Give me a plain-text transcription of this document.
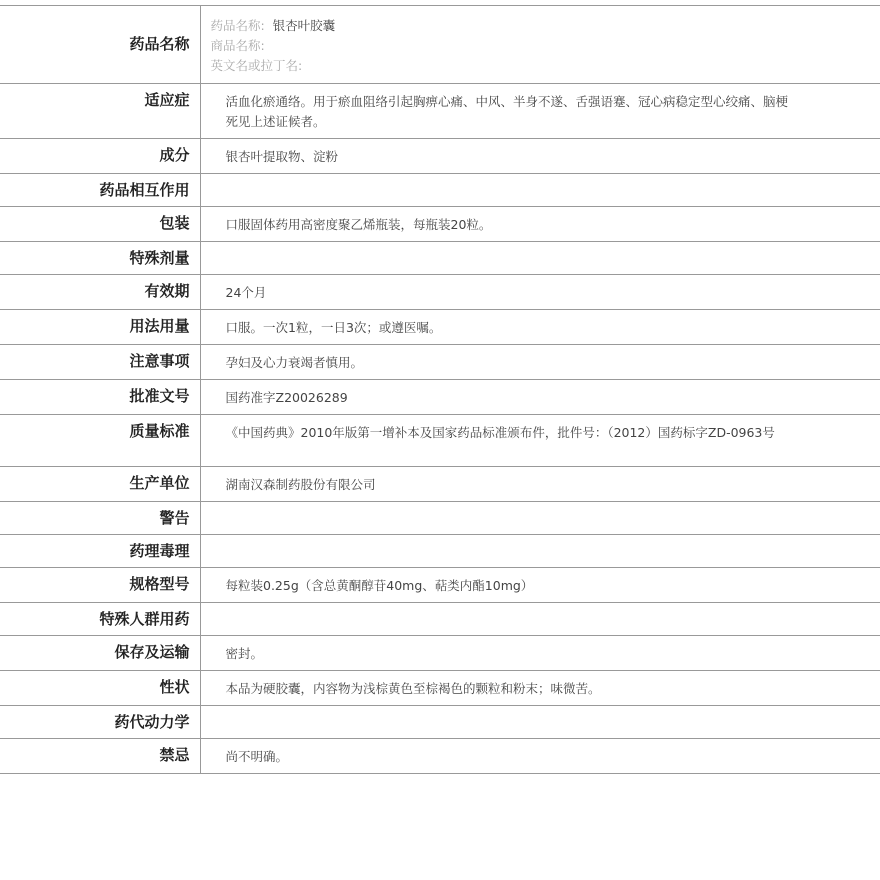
药品名称	药品名称: 银杏叶胶囊
商品名称:
英文名或拉丁名:

适应症	活血化瘀通络。用于瘀血阻络引起胸痹心痛、中风、半身不遂、舌强语蹇、冠心病稳定型心绞痛、脑梗死见上述证候者。

成分	银杏叶提取物、淀粉

药品相互作用	

包装	口服固体药用高密度聚乙烯瓶装，每瓶装20粒。

特殊剂量	

有效期	24个月

用法用量	口服。一次1粒，一日3次；或遵医嘱。

注意事项	孕妇及心力衰竭者慎用。

批准文号	国药准字Z20026289

质量标准	《中国药典》2010年版第一增补本及国家药品标准颁布件，批件号：（2012）国药标字ZD-0963号

生产单位	湖南汉森制药股份有限公司

警告	

药理毒理	

规格型号	每粒装0.25g（含总黄酮醇苷40mg、萜类内酯10mg）

特殊人群用药	

保存及运输	密封。

性状	本品为硬胶囊，内容物为浅棕黄色至棕褐色的颗粒和粉末；味微苦。

药代动力学	

禁忌	尚不明确。
